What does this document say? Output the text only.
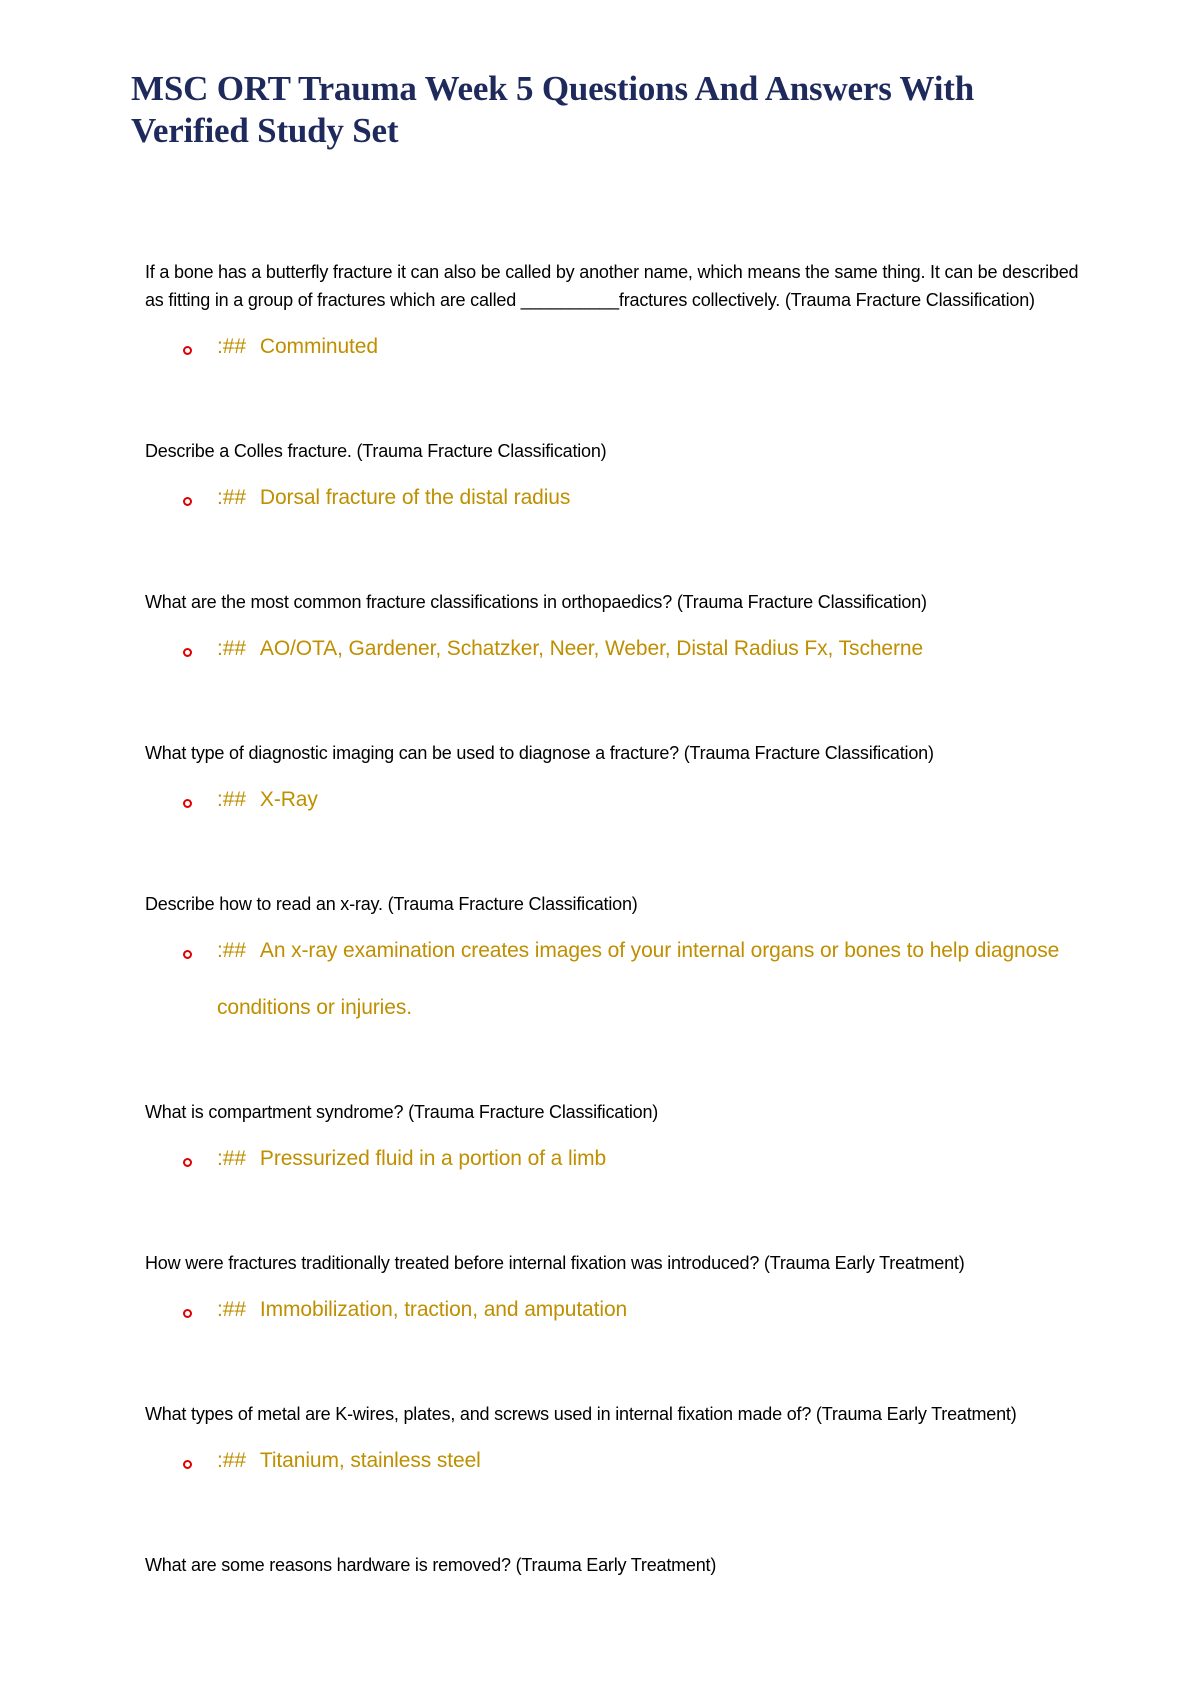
MSC ORT Trauma Week 5 Questions And Answers With Verified Study Set

If a bone has a butterfly fracture it can also be called by another name, which means the same thing. It can be described as fitting in a group of fractures which are called __________fractures collectively. (Trauma Fracture Classification)

:## Comminuted

Describe a Colles fracture. (Trauma Fracture Classification)

:## Dorsal fracture of the distal radius

What are the most common fracture classifications in orthopaedics? (Trauma Fracture Classification)

:## AO/OTA, Gardener, Schatzker, Neer, Weber, Distal Radius Fx, Tscherne

What type of diagnostic imaging can be used to diagnose a fracture? (Trauma Fracture Classification)

:## X-Ray

Describe how to read an x-ray. (Trauma Fracture Classification)

:## An x-ray examination creates images of your internal organs or bones to help diagnose conditions or injuries.

What is compartment syndrome? (Trauma Fracture Classification)

:## Pressurized fluid in a portion of a limb

How were fractures traditionally treated before internal fixation was introduced? (Trauma Early Treatment)

:## Immobilization, traction, and amputation

What types of metal are K-wires, plates, and screws used in internal fixation made of? (Trauma Early Treatment)

:## Titanium, stainless steel

What are some reasons hardware is removed? (Trauma Early Treatment)
